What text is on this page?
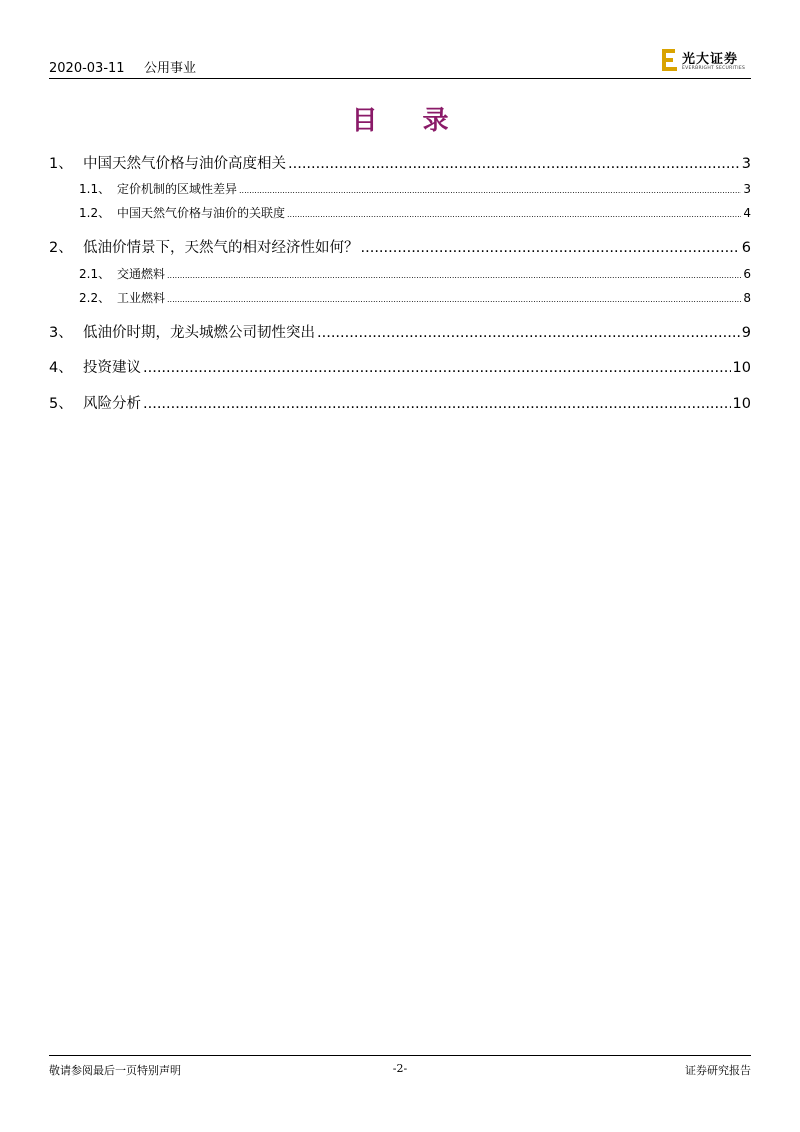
2020-03-11 公用事业
光大证券
EVERBRIGHT SECURITIES
目 录
1、 中国天然气价格与油价高度相关 .....	3
1.1、 定价机制的区域性差异 .....	3
1.2、 中国天然气价格与油价的关联度 .....	4
2、 低油价情景下，天然气的相对经济性如何？ .....	6
2.1、 交通燃料 .....	6
2.2、 工业燃料 .....	8
3、 低油价时期，龙头城燃公司韧性突出 .....	9
4、 投资建议 .....	10
5、 风险分析 .....	10
敬请参阅最后一页特别声明	-2-	证券研究报告
